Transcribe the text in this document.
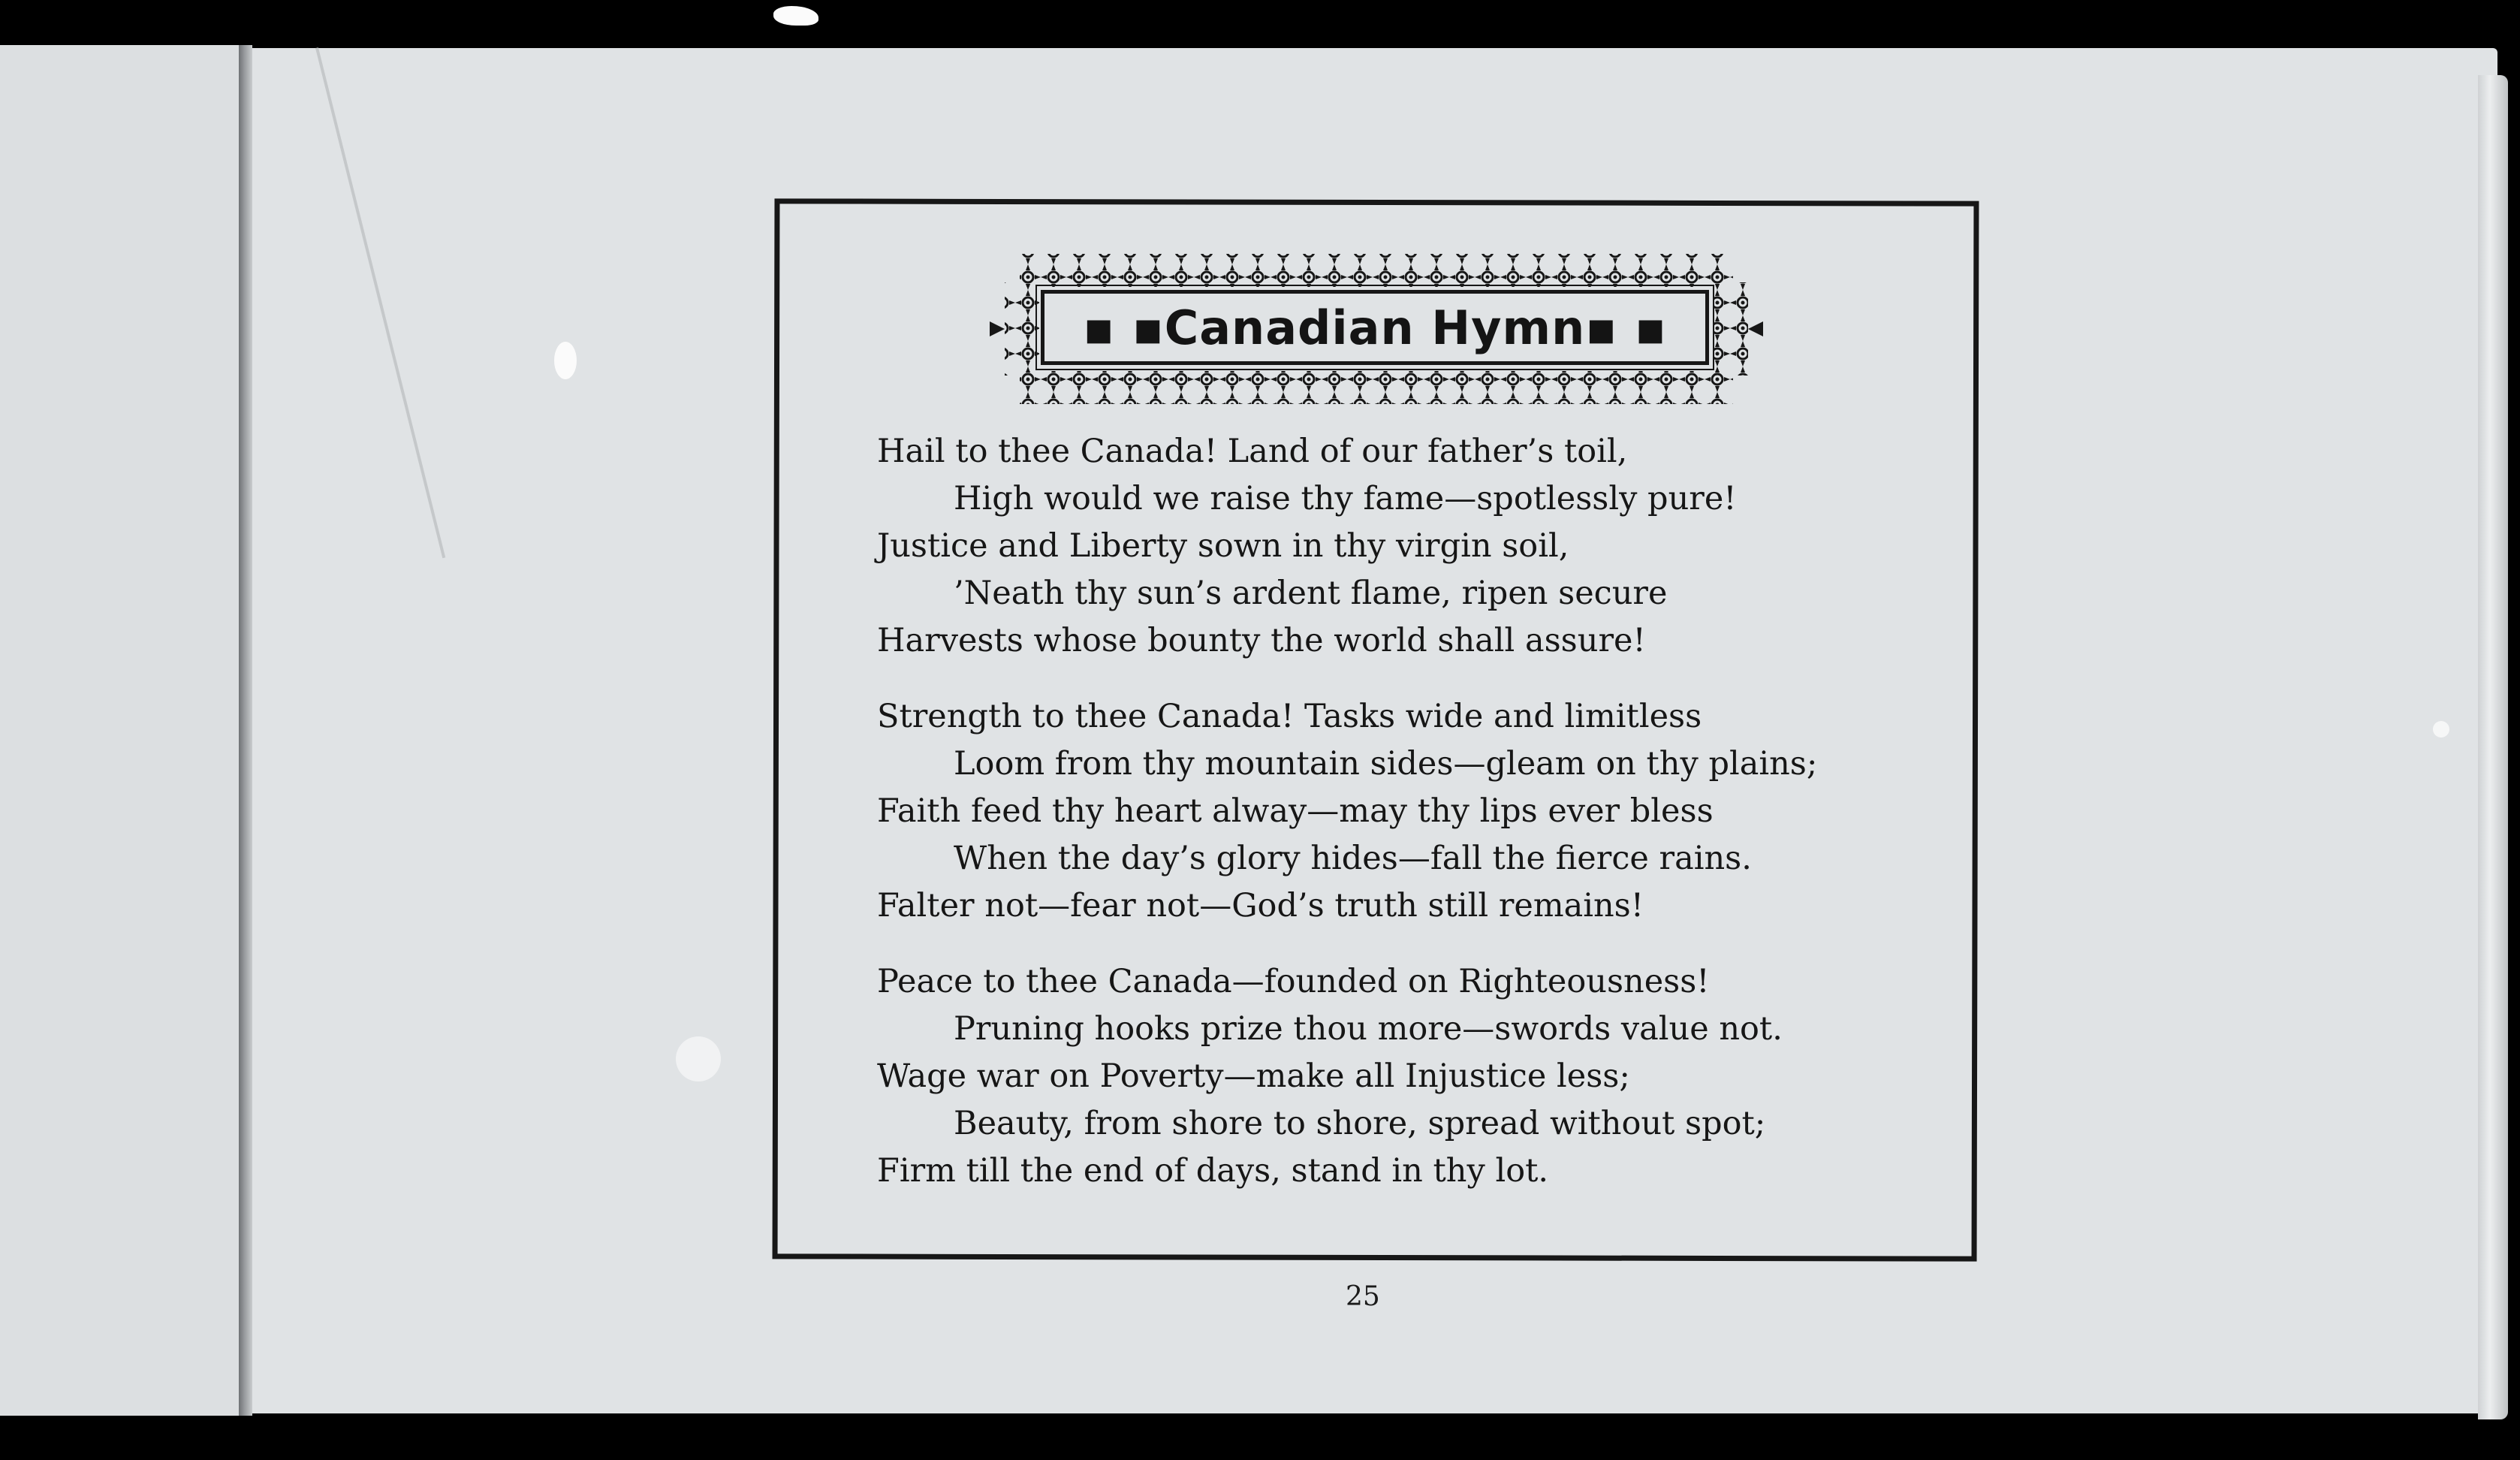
▪ ▪ Canadian Hymn ▪ ▪
Hail to thee Canada! Land of our father’s toil,
High would we raise thy fame—spotlessly pure!
Justice and Liberty sown in thy virgin soil,
’Neath thy sun’s ardent flame, ripen secure
Harvests whose bounty the world shall assure!
Strength to thee Canada! Tasks wide and limitless
Loom from thy mountain sides—gleam on thy plains;
Faith feed thy heart alway—may thy lips ever bless
When the day’s glory hides—fall the fierce rains.
Falter not—fear not—God’s truth still remains!
Peace to thee Canada—founded on Righteousness!
Pruning hooks prize thou more—swords value not.
Wage war on Poverty—make all Injustice less;
Beauty, from shore to shore, spread without spot;
Firm till the end of days, stand in thy lot.
25
